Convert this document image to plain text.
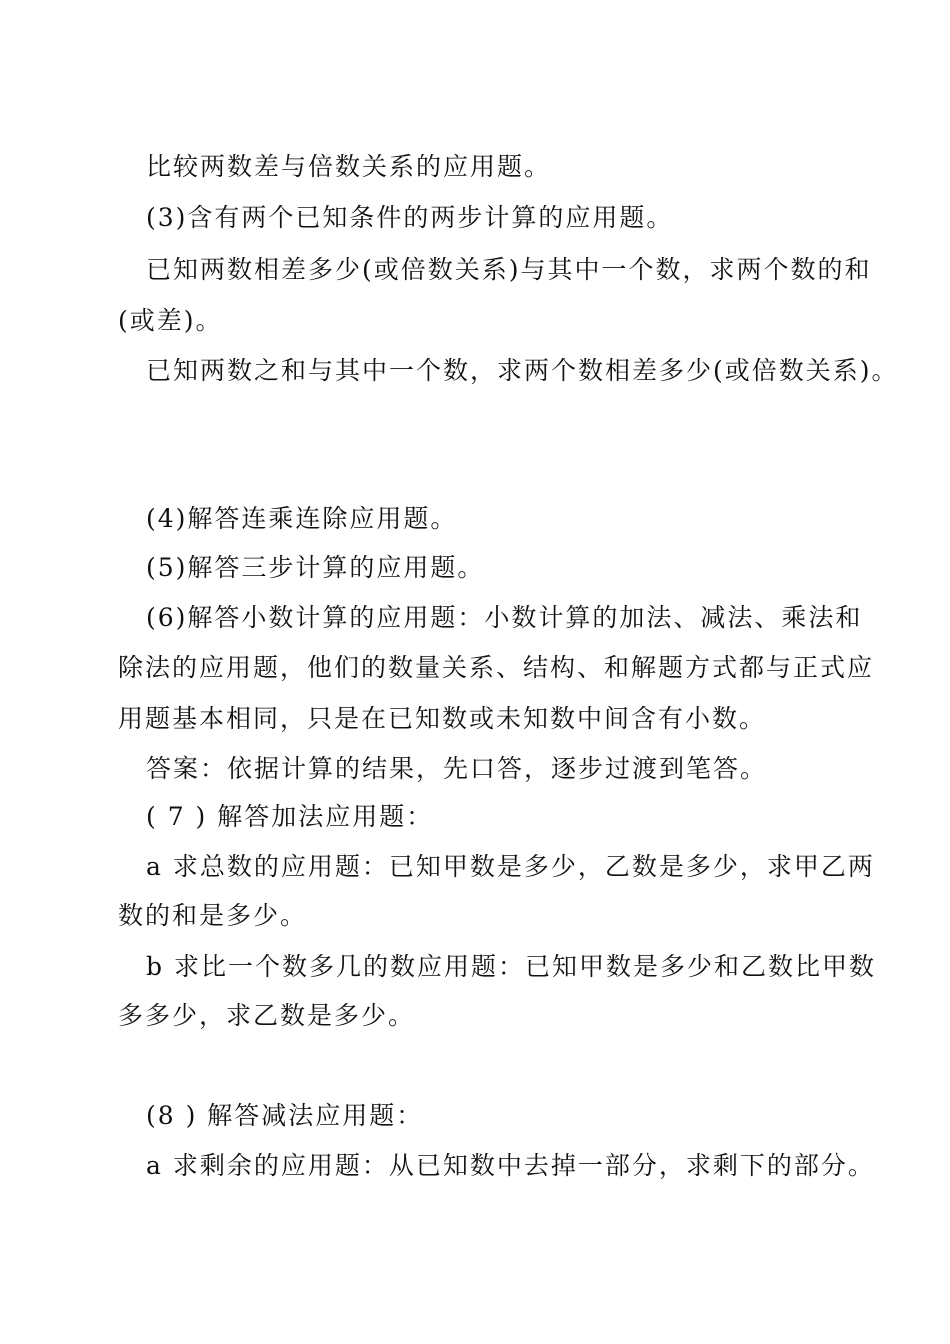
比较两数差与倍数关系的应用题。
(3)含有两个已知条件的两步计算的应用题。
已知两数相差多少(或倍数关系)与其中一个数，求两个数的和
(或差)。
已知两数之和与其中一个数，求两个数相差多少(或倍数关系)。
(4)解答连乘连除应用题。
(5)解答三步计算的应用题。
(6)解答小数计算的应用题：小数计算的加法、减法、乘法和
除法的应用题，他们的数量关系、结构、和解题方式都与正式应
用题基本相同，只是在已知数或未知数中间含有小数。
答案：依据计算的结果，先口答，逐步过渡到笔答。
( 7 ) 解答加法应用题：
a 求总数的应用题：已知甲数是多少，乙数是多少，求甲乙两
数的和是多少。
b 求比一个数多几的数应用题：已知甲数是多少和乙数比甲数
多多少，求乙数是多少。
(8 ) 解答减法应用题：
a 求剩余的应用题：从已知数中去掉一部分，求剩下的部分。
